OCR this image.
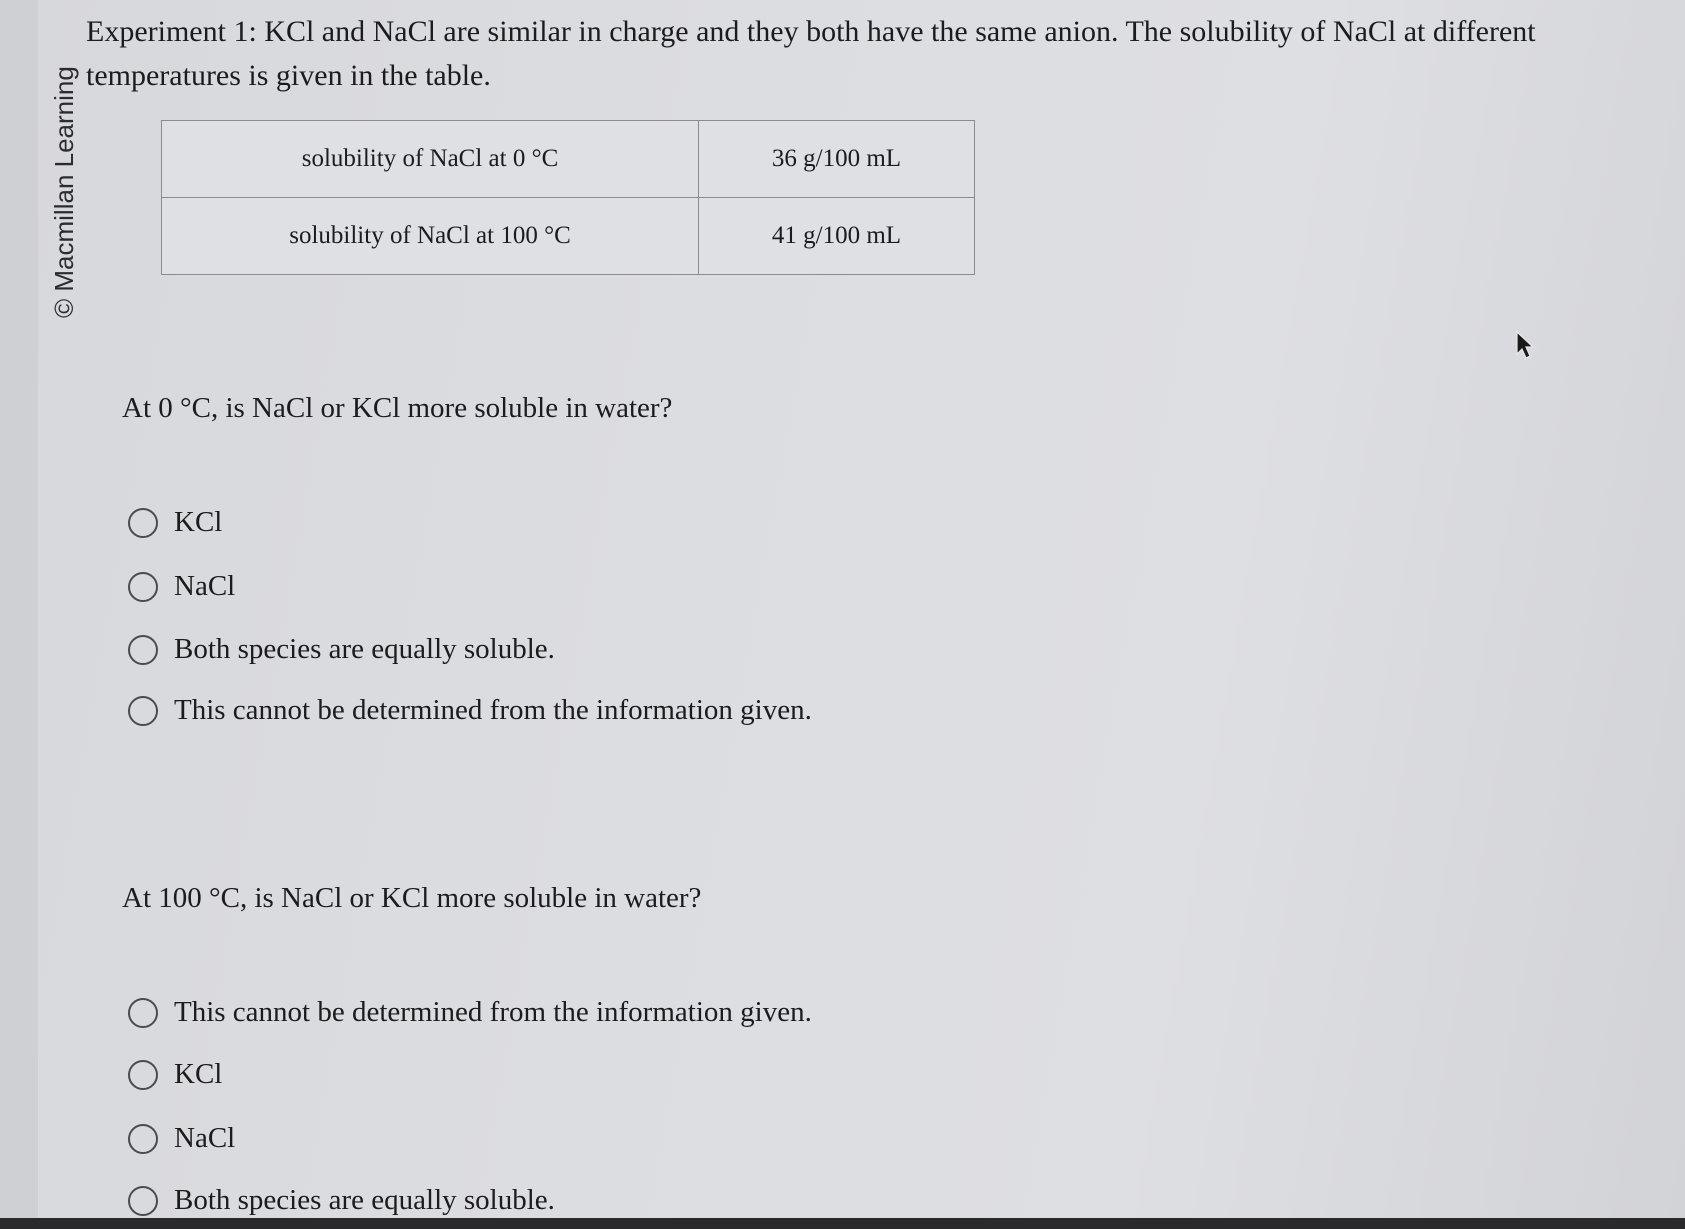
© Macmillan Learning

Experiment 1: KCl and NaCl are similar in charge and they both have the same anion. The solubility of NaCl at different temperatures is given in the table.

solubility of NaCl at 0 °C	36 g/100 mL
solubility of NaCl at 100 °C	41 g/100 mL

At 0 °C, is NaCl or KCl more soluble in water?

KCl
NaCl
Both species are equally soluble.
This cannot be determined from the information given.

At 100 °C, is NaCl or KCl more soluble in water?

This cannot be determined from the information given.
KCl
NaCl
Both species are equally soluble.
